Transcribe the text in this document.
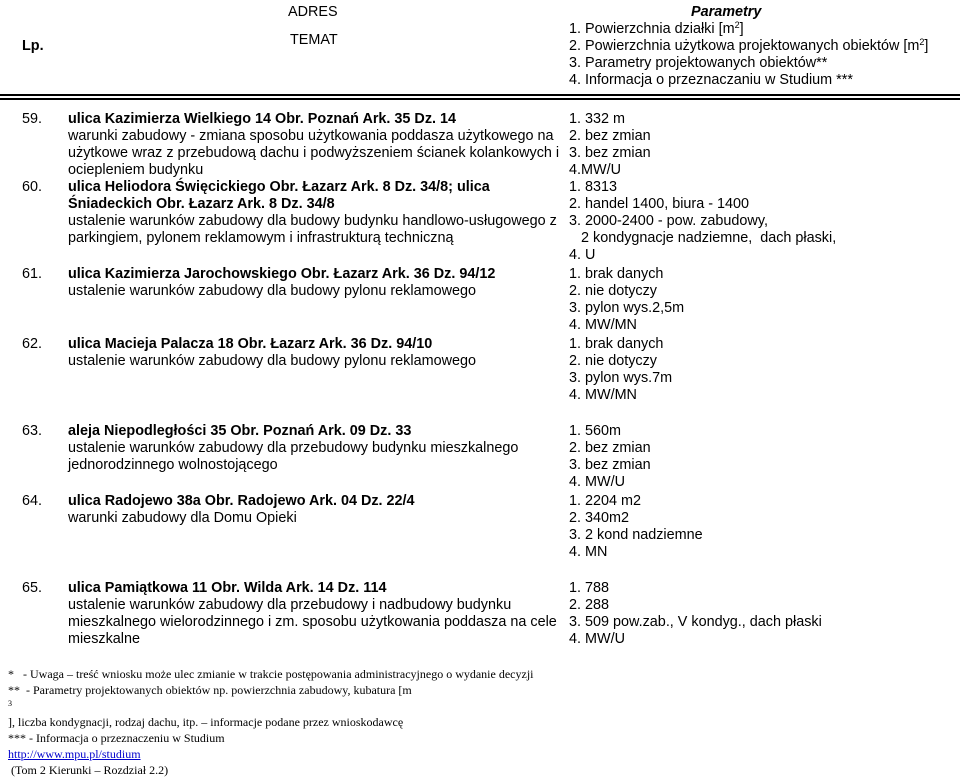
Lp.
ADRES
TEMAT
Parametry
1. Powierzchnia działki $[m^2]$
2. Powierzchnia użytkowa projektowanych obiektów $[m^2]$
3. Parametry projektowanych obiektów**
4. Informacja o przeznaczaniu w Studium ***
59. ulica Kazimierza Wielkiego 14 Obr. Poznań Ark. 35 Dz. 14
warunki zabudowy - zmiana sposobu użytkowania poddasza użytkowego na użytkowe wraz z przebudową dachu i podwyższeniem ścianek kolankowych i ociepleniem budynku
1. 332 m
2. bez zmian
3. bez zmian
4.MW/U
60. ulica Heliodora Święcickiego Obr. Łazarz Ark. 8 Dz. 34/8; ulica Śniadeckich Obr. Łazarz Ark. 8 Dz. 34/8
ustalenie warunków zabudowy dla budowy budynku handlowo-usługowego z parkingiem, pylonem reklamowym i infrastrukturą techniczną
1. 8313
2. handel 1400, biura - 1400
3. 2000-2400 - pow. zabudowy,
2 kondygnacje nadziemne,  dach płaski,
4. U
61. ulica Kazimierza Jarochowskiego Obr. Łazarz Ark. 36 Dz. 94/12
ustalenie warunków zabudowy dla budowy pylonu reklamowego
1. brak danych
2. nie dotyczy
3. pylon wys.2,5m
4. MW/MN
62. ulica Macieja Palacza 18 Obr. Łazarz Ark. 36 Dz. 94/10
ustalenie warunków zabudowy dla budowy pylonu reklamowego
1. brak danych
2. nie dotyczy
3. pylon wys.7m
4. MW/MN
63. aleja Niepodległości 35 Obr. Poznań Ark. 09 Dz. 33
ustalenie warunków zabudowy dla przebudowy budynku mieszkalnego jednorodzinnego wolnostojącego
1. 560m
2. bez zmian
3. bez zmian
4. MW/U
64. ulica Radojewo 38a Obr. Radojewo Ark. 04 Dz. 22/4
warunki zabudowy dla Domu Opieki
1. 2204 m2
2. 340m2
3. 2 kond nadziemne
4. MN
65. ulica Pamiątkowa 11 Obr. Wilda Ark. 14 Dz. 114
ustalenie warunków zabudowy dla przebudowy i nadbudowy budynku mieszkalnego wielorodzinnego i zm. sposobu użytkowania poddasza na cele mieszkalne
1. 788
2. 288
3. 509 pow.zab., V kondyg., dach płaski
4. MW/U
*   - Uwaga – treść wniosku może ulec zmianie w trakcie postępowania administracyjnego o wydanie decyzji
**  - Parametry projektowanych obiektów np. powierzchnia zabudowy, kubatura [m
$^3$
], liczba kondygnacji, rodzaj dachu, itp. – informacje podane przez wnioskodawcę
*** - Informacja o przeznaczeniu w Studium
http://www.mpu.pl/studium
(Tom 2 Kierunki – Rozdział 2.2)
